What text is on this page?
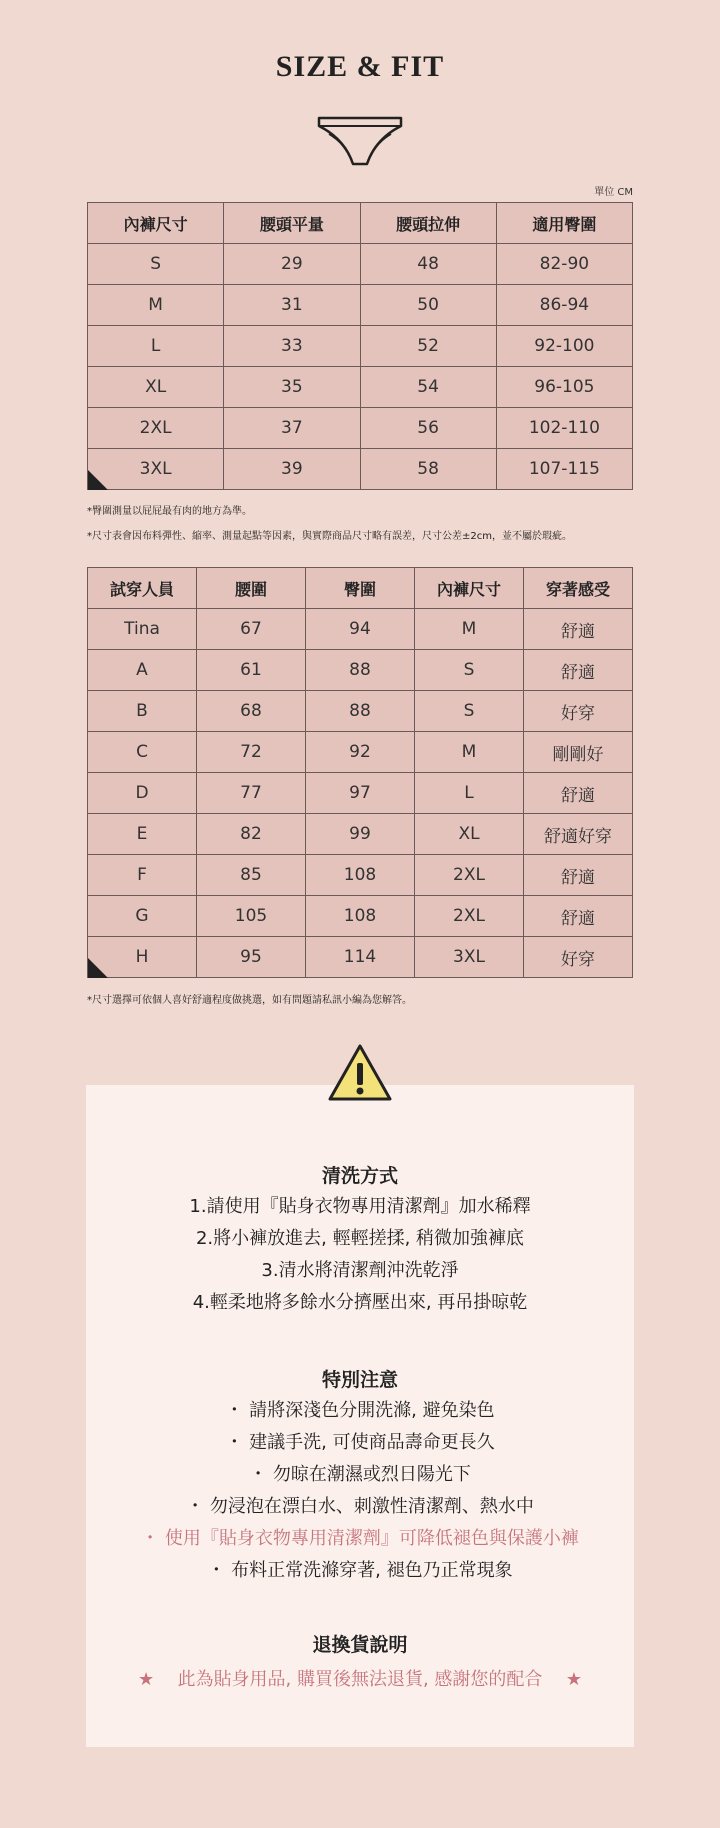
SIZE & FIT
單位 CM
內褲尺寸	腰頭平量	腰頭拉伸	適用臀圍
S	29	48	82-90
M	31	50	86-94
L	33	52	92-100
XL	35	54	96-105
2XL	37	56	102-110
3XL	39	58	107-115
*臀圍測量以屁屁最有肉的地方為準。
*尺寸表會因布料彈性、縮率、測量起點等因素，與實際商品尺寸略有誤差，尺寸公差±2cm，並不屬於瑕疵。
試穿人員	腰圍	臀圍	內褲尺寸	穿著感受
Tina	67	94	M	舒適
A	61	88	S	舒適
B	68	88	S	好穿
C	72	92	M	剛剛好
D	77	97	L	舒適
E	82	99	XL	舒適好穿
F	85	108	2XL	舒適
G	105	108	2XL	舒適
H	95	114	3XL	好穿
*尺寸選擇可依個人喜好舒適程度做挑選，如有問題請私訊小編為您解答。
清洗方式
1.請使用『貼身衣物專用清潔劑』加水稀釋
2.將小褲放進去, 輕輕搓揉, 稍微加強褲底
3.清水將清潔劑沖洗乾淨
4.輕柔地將多餘水分擠壓出來, 再吊掛晾乾
特別注意
・ 請將深淺色分開洗滌, 避免染色
・ 建議手洗, 可使商品壽命更長久
・ 勿晾在潮濕或烈日陽光下
・ 勿浸泡在漂白水、刺激性清潔劑、熱水中
・ 使用『貼身衣物專用清潔劑』可降低褪色與保護小褲
・ 布料正常洗滌穿著, 褪色乃正常現象
退換貨說明
★ 此為貼身用品, 購買後無法退貨, 感謝您的配合 ★
